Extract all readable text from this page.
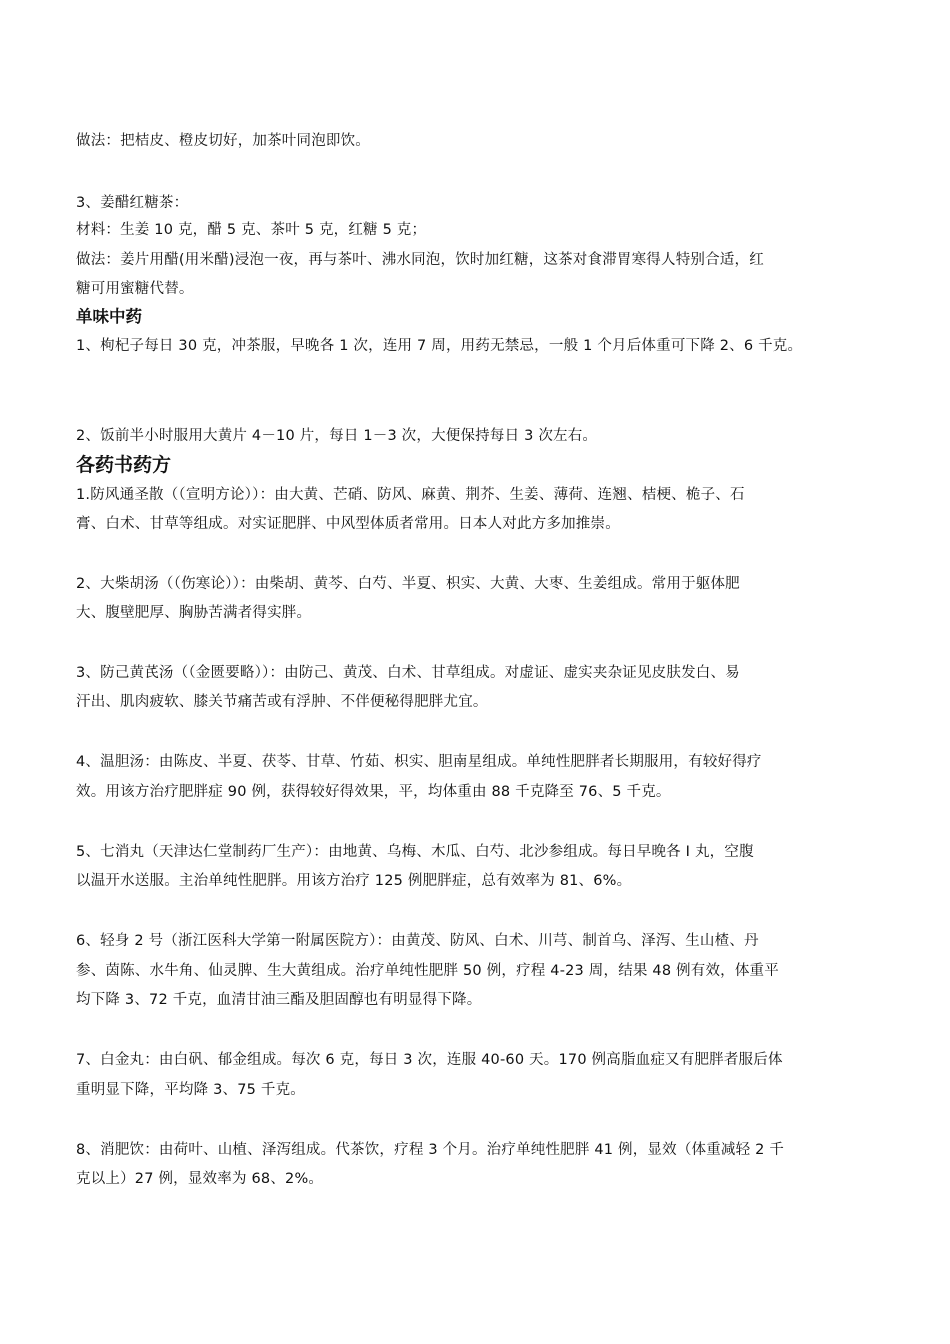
做法：把桔皮、橙皮切好，加茶叶同泡即饮。
3、姜醋红糖茶：
材料：生姜 10 克，醋 5 克、茶叶 5 克，红糖 5 克；
做法：姜片用醋(用米醋)浸泡一夜，再与茶叶、沸水同泡，饮时加红糖，这茶对食滞胃寒得人特别合适，红
糖可用蜜糖代替。
单味中药
1、枸杞子每日 30 克，冲茶服，早晚各 1 次，连用 7 周，用药无禁忌，一般 1 个月后体重可下降 2、6 千克。
2、饭前半小时服用大黄片 4－10 片，每日 1－3 次，大便保持每日 3 次左右。
各药书药方
1.防风通圣散（（宣明方论））：由大黄、芒硝、防风、麻黄、荆芥、生姜、薄荷、连翘、桔梗、桅子、石
膏、白术、甘草等组成。对实证肥胖、中风型体质者常用。日本人对此方多加推崇。
2、大柴胡汤（（伤寒论））：由柴胡、黄芩、白芍、半夏、枳实、大黄、大枣、生姜组成。常用于躯体肥
大、腹壁肥厚、胸胁苦满者得实胖。
3、防己黄芪汤（（金匮要略））：由防己、黄茂、白术、甘草组成。对虚证、虚实夹杂证见皮肤发白、易
汗出、肌肉疲软、膝关节痛苦或有浮肿、不伴便秘得肥胖尤宜。
4、温胆汤：由陈皮、半夏、茯苓、甘草、竹茹、枳实、胆南星组成。单纯性肥胖者长期服用，有较好得疗
效。用该方治疗肥胖症 90 例，获得较好得效果，平，均体重由 88 千克降至 76、5 千克。
5、七消丸（天津达仁堂制药厂生产）：由地黄、乌梅、木瓜、白芍、北沙参组成。每日早晚各 I 丸，空腹
以温开水送服。主治单纯性肥胖。用该方治疗 125 例肥胖症，总有效率为 81、6%。
6、轻身 2 号（浙江医科大学第一附属医院方）：由黄茂、防风、白术、川芎、制首乌、泽泻、生山楂、丹
参、茵陈、水牛角、仙灵脾、生大黄组成。治疗单纯性肥胖 50 例，疗程 4-23 周，结果 48 例有效，体重平
均下降 3、72 千克，血清甘油三酯及胆固醇也有明显得下降。
7、白金丸：由白矾、郁金组成。每次 6 克，每日 3 次，连服 40-60 天。170 例高脂血症又有肥胖者服后体
重明显下降，平均降 3、75 千克。
8、消肥饮：由荷叶、山植、泽泻组成。代茶饮，疗程 3 个月。治疗单纯性肥胖 41 例，显效（体重减轻 2 千
克以上）27 例，显效率为 68、2%。
